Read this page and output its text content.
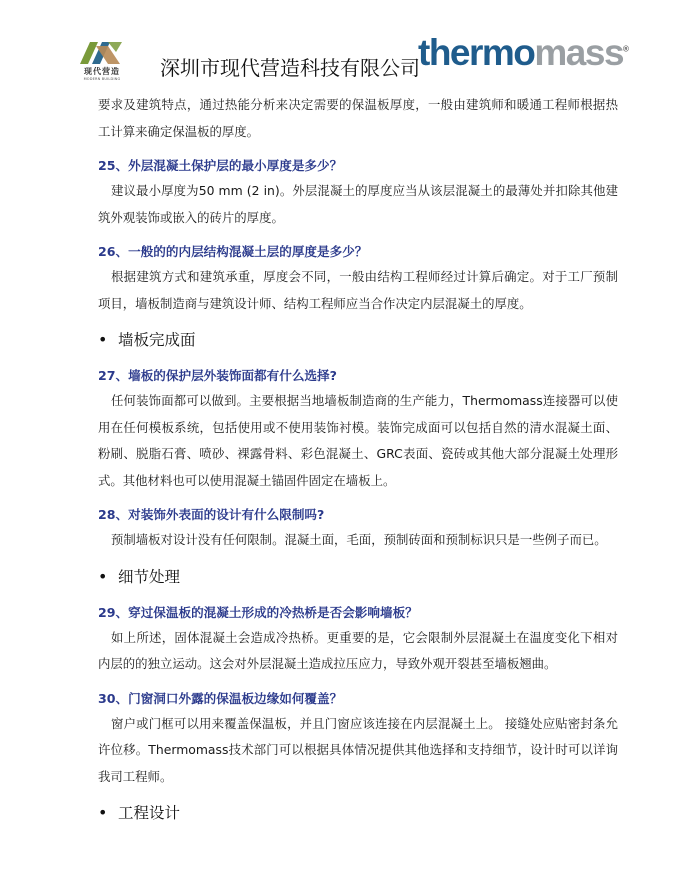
现代营造
MODERN BUILDING 深圳市现代营造科技有限公司
thermomass®

要求及建筑特点，通过热能分析来决定需要的保温板厚度，一般由建筑师和暖通工程师根据热工计算来确定保温板的厚度。

25、外层混凝土保护层的最小厚度是多少？

建议最小厚度为50 mm (2 in)。外层混凝土的厚度应当从该层混凝土的最薄处并扣除其他建筑外观装饰或嵌入的砖片的厚度。

26、一般的的内层结构混凝土层的厚度是多少？

根据建筑方式和建筑承重，厚度会不同，一般由结构工程师经过计算后确定。对于工厂预制项目，墙板制造商与建筑设计师、结构工程师应当合作决定内层混凝土的厚度。

• 墙板完成面
27、墙板的保护层外装饰面都有什么选择?

任何装饰面都可以做到。主要根据当地墙板制造商的生产能力，Thermomass连接器可以使用在任何模板系统，包括使用或不使用装饰衬模。装饰完成面可以包括自然的清水混凝土面、粉刷、脱脂石膏、喷砂、裸露骨料、彩色混凝土、GRC表面、瓷砖或其他大部分混凝土处理形式。其他材料也可以使用混凝土锚固件固定在墙板上。

28、对装饰外表面的设计有什么限制吗?

预制墙板对设计没有任何限制。混凝土面，毛面，预制砖面和预制标识只是一些例子而已。

• 细节处理
29、穿过保温板的混凝土形成的冷热桥是否会影响墙板？

如上所述，固体混凝土会造成冷热桥。更重要的是，它会限制外层混凝土在温度变化下相对内层的的独立运动。这会对外层混凝土造成拉压应力，导致外观开裂甚至墙板翘曲。

30、门窗洞口外露的保温板边缘如何覆盖？

窗户或门框可以用来覆盖保温板，并且门窗应该连接在内层混凝土上。 接缝处应贴密封条允许位移。Thermomass技术部门可以根据具体情况提供其他选择和支持细节，设计时可以详询我司工程师。

• 工程设计
